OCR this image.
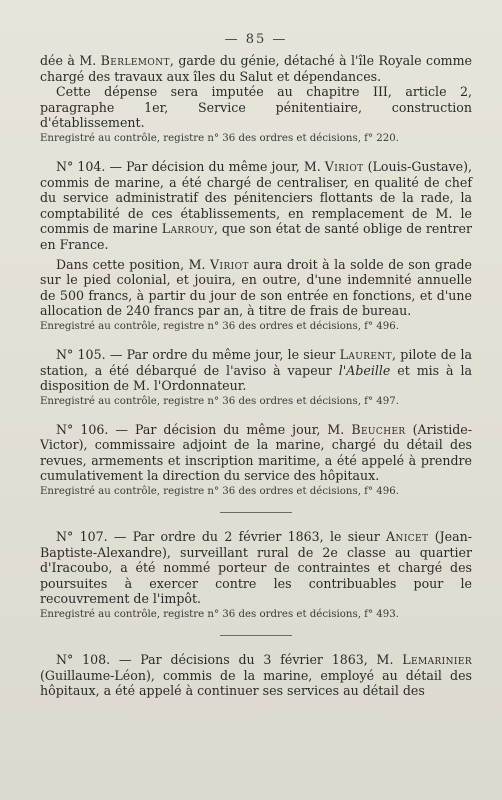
— 85 —

dée à M. Berlemont, garde du génie, détaché à l'île Royale comme chargé des travaux aux îles du Salut et dépendances.

Cette dépense sera imputée au chapitre III, article 2, paragraphe 1er, Service pénitentiaire, construction d'établissement.

Enregistré au contrôle, registre n° 36 des ordres et décisions, f° 220.

N° 104. — Par décision du même jour, M. Viriot (Louis-Gustave), commis de marine, a été chargé de centraliser, en qualité de chef du service administratif des pénitenciers flottants de la rade, la comptabilité de ces établissements, en remplacement de M. le commis de marine Larrouy, que son état de santé oblige de rentrer en France.

Dans cette position, M. Viriot aura droit à la solde de son grade sur le pied colonial, et jouira, en outre, d'une indemnité annuelle de 500 francs, à partir du jour de son entrée en fonctions, et d'une allocation de 240 francs par an, à titre de frais de bureau.

Enregistré au contrôle, registre n° 36 des ordres et décisions, f° 496.

N° 105. — Par ordre du même jour, le sieur Laurent, pilote de la station, a été débarqué de l'aviso à vapeur l'Abeille et mis à la disposition de M. l'Ordonnateur.

Enregistré au contrôle, registre n° 36 des ordres et décisions, f° 497.

N° 106. — Par décision du même jour, M. Beucher (Aristide-Victor), commissaire adjoint de la marine, chargé du détail des revues, armements et inscription maritime, a été appelé à prendre cumulativement la direction du service des hôpitaux.

Enregistré au contrôle, registre n° 36 des ordres et décisions, f° 496.

N° 107. — Par ordre du 2 février 1863, le sieur Anicet (Jean-Baptiste-Alexandre), surveillant rural de 2e classe au quartier d'Iracoubo, a été nommé porteur de contraintes et chargé des poursuites à exercer contre les contribuables pour le recouvrement de l'impôt.

Enregistré au contrôle, registre n° 36 des ordres et décisions, f° 493.

N° 108. — Par décisions du 3 février 1863, M. Lemarinier (Guillaume-Léon), commis de la marine, employé au détail des hôpitaux, a été appelé à continuer ses services au détail des
